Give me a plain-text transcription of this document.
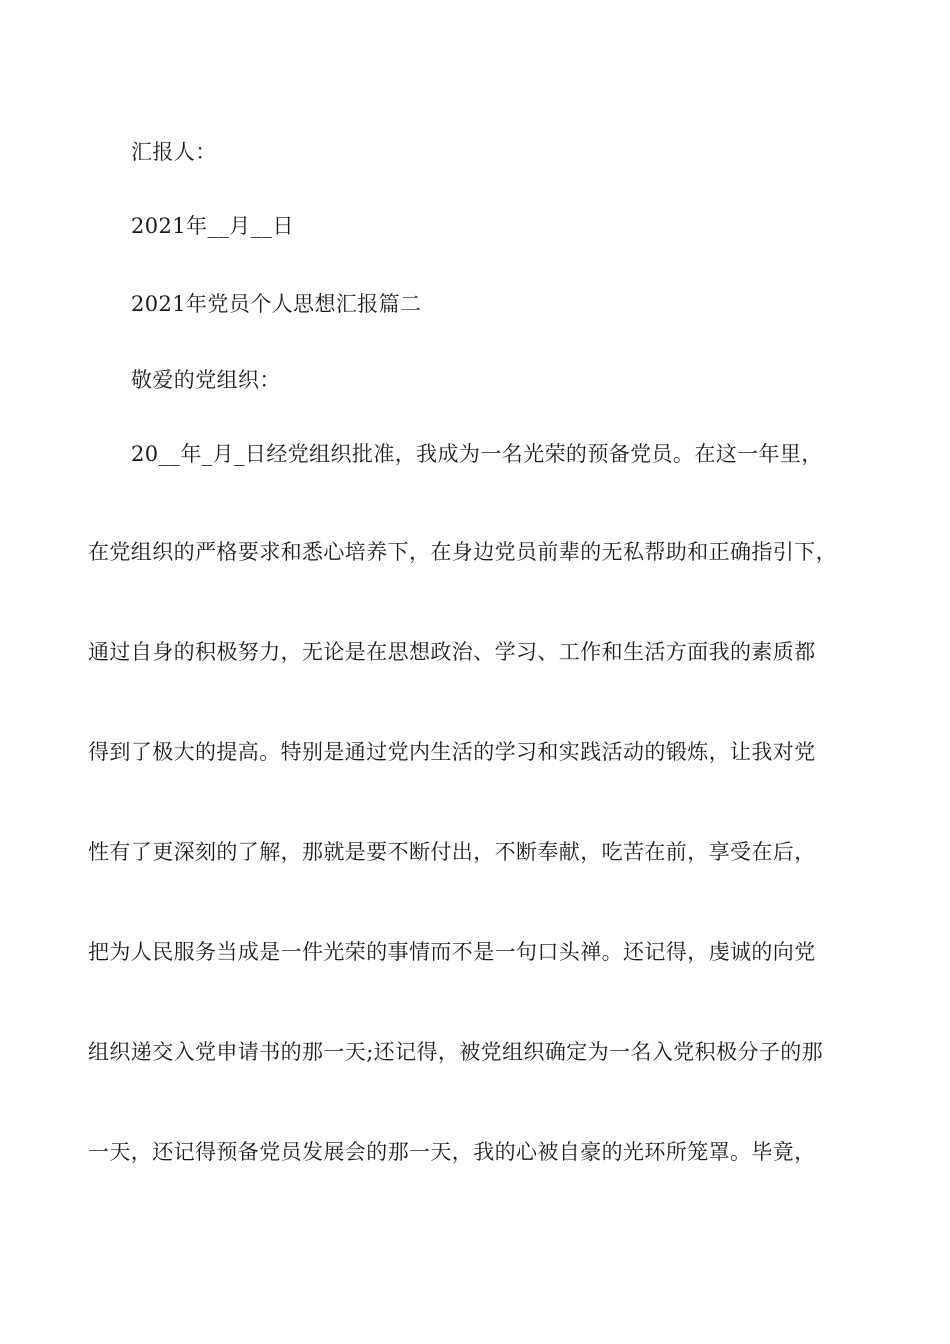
汇报人：
2021年__月__日
2021年党员个人思想汇报篇二
敬爱的党组织：
20__年_月_日经党组织批准，我成为一名光荣的预备党员。在这一年里，
在党组织的严格要求和悉心培养下，在身边党员前辈的无私帮助和正确指引下，
通过自身的积极努力，无论是在思想政治、学习、工作和生活方面我的素质都
得到了极大的提高。特别是通过党内生活的学习和实践活动的锻炼，让我对党
性有了更深刻的了解，那就是要不断付出，不断奉献，吃苦在前，享受在后，
把为人民服务当成是一件光荣的事情而不是一句口头禅。还记得，虔诚的向党
组织递交入党申请书的那一天;还记得，被党组织确定为一名入党积极分子的那
一天，还记得预备党员发展会的那一天，我的心被自豪的光环所笼罩。毕竟，
